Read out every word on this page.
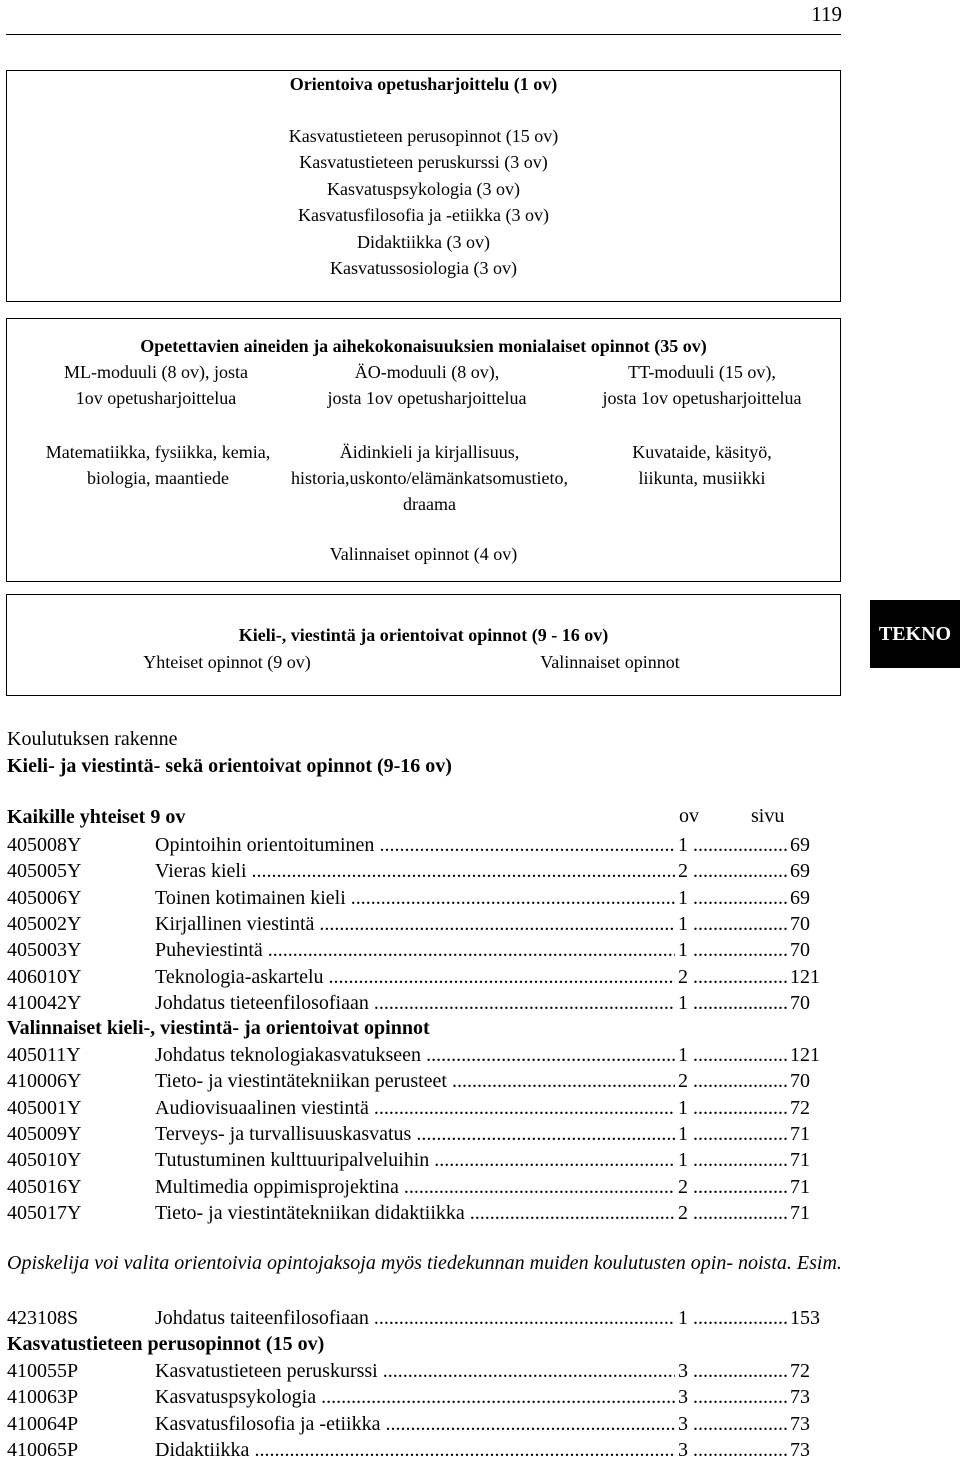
119
Orientoiva opetusharjoittelu (1 ov)
Kasvatustieteen perusopinnot (15 ov)
Kasvatustieteen peruskurssi (3 ov)
Kasvatuspsykologia (3 ov)
Kasvatusfilosofia ja -etiikka (3 ov)
Didaktiikka (3 ov)
Kasvatussosiologia (3 ov)
Opetettavien aineiden ja aihekokonaisuuksien monialaiset opinnot (35 ov)
ML-moduuli (8 ov), josta
1ov opetusharjoittelua
ÄO-moduuli (8 ov),
josta 1ov opetusharjoittelua
TT-moduuli (15 ov),
josta 1ov opetusharjoittelua
Matematiikka, fysiikka, kemia,
biologia, maantiede
Äidinkieli ja kirjallisuus,
historia,uskonto/elämänkatsomustieto,
draama
Kuvataide, käsityö,
liikunta, musiikki
Valinnaiset opinnot (4 ov)
Kieli-, viestintä ja orientoivat opinnot (9 - 16 ov)
Yhteiset opinnot (9 ov)	Valinnaiset opinnot
TEKNO
Koulutuksen rakenne
Kieli- ja viestintä- sekä orientoivat opinnot (9-16 ov)
Kaikille yhteiset 9 ov	ov	sivu
405008Y	Opintoihin orientoituminen .....	1 .....	69
405005Y	Vieras kieli .....	2 .....	69
405006Y	Toinen kotimainen kieli .....	1 .....	69
405002Y	Kirjallinen viestintä .....	1 .....	70
405003Y	Puheviestintä .....	1 .....	70
406010Y	Teknologia-askartelu .....	2 .....	121
410042Y	Johdatus tieteenfilosofiaan .....	1 .....	70
Valinnaiset kieli-, viestintä- ja orientoivat opinnot
405011Y	Johdatus teknologiakasvatukseen .....	1 .....	121
410006Y	Tieto- ja viestintätekniikan perusteet .....	2 .....	70
405001Y	Audiovisuaalinen viestintä .....	1 .....	72
405009Y	Terveys- ja turvallisuuskasvatus .....	1 .....	71
405010Y	Tutustuminen kulttuuripalveluihin .....	1 .....	71
405016Y	Multimedia oppimisprojektina .....	2 .....	71
405017Y	Tieto- ja viestintätekniikan didaktiikka .....	2 .....	71
Opiskelija voi valita orientoivia opintojaksoja myös tiedekunnan muiden koulutusten opin- noista. Esim.
423108S	Johdatus taiteenfilosofiaan .....	1 .....	153
Kasvatustieteen perusopinnot (15 ov)
410055P	Kasvatustieteen peruskurssi .....	3 .....	72
410063P	Kasvatuspsykologia .....	3 .....	73
410064P	Kasvatusfilosofia ja -etiikka .....	3 .....	73
410065P	Didaktiikka .....	3 .....	73
